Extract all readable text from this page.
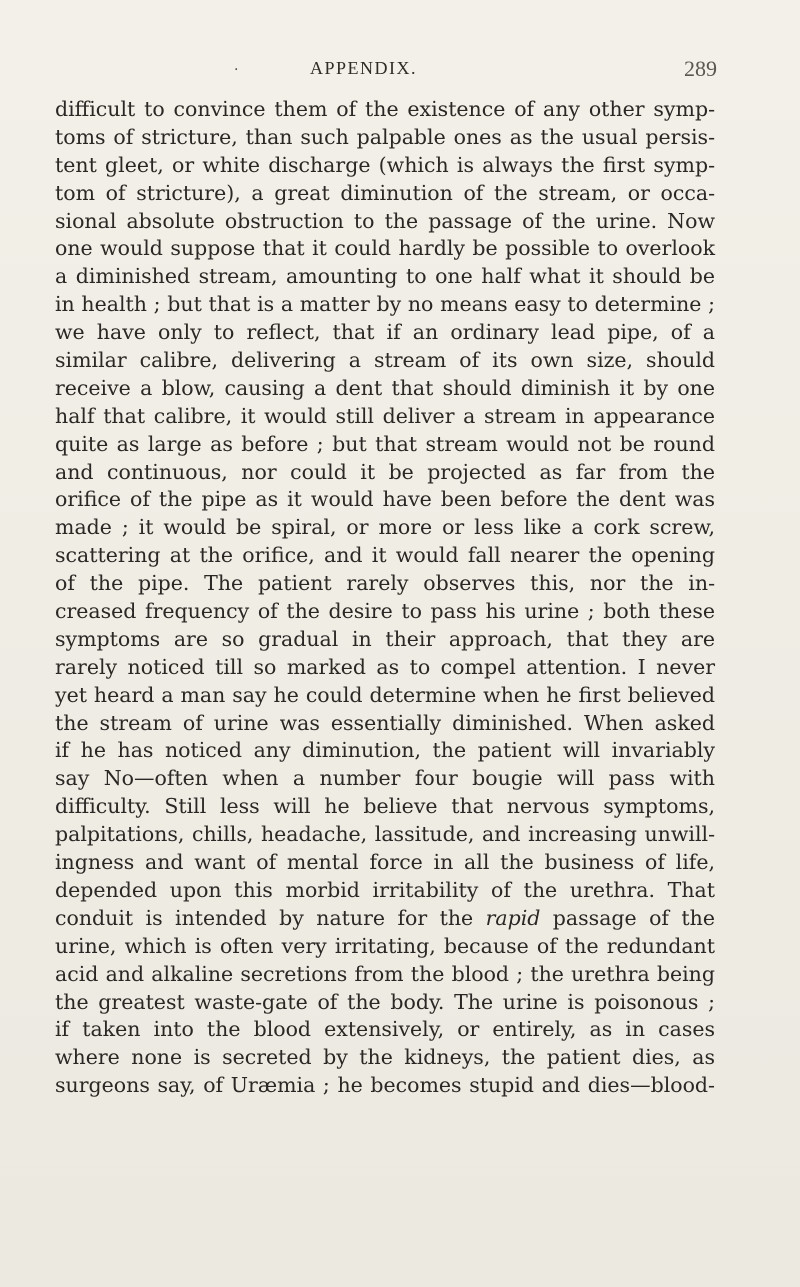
·	APPENDIX.	289
difficult to convince them of the existence of any other symp-
toms of stricture, than such palpable ones as the usual persis-
tent gleet, or white discharge (which is always the first symp-
tom of stricture), a great diminution of the stream, or occa-
sional absolute obstruction to the passage of the urine. Now
one would suppose that it could hardly be possible to overlook
a diminished stream, amounting to one half what it should be
in health ; but that is a matter by no means easy to determine ;
we have only to reflect, that if an ordinary lead pipe, of a
similar calibre, delivering a stream of its own size, should
receive a blow, causing a dent that should diminish it by one
half that calibre, it would still deliver a stream in appearance
quite as large as before ; but that stream would not be round
and continuous, nor could it be projected as far from the
orifice of the pipe as it would have been before the dent was
made ; it would be spiral, or more or less like a cork screw,
scattering at the orifice, and it would fall nearer the opening
of the pipe. The patient rarely observes this, nor the in-
creased frequency of the desire to pass his urine ; both these
symptoms are so gradual in their approach, that they are
rarely noticed till so marked as to compel attention. I never
yet heard a man say he could determine when he first believed
the stream of urine was essentially diminished. When asked
if he has noticed any diminution, the patient will invariably
say No—often when a number four bougie will pass with
difficulty. Still less will he believe that nervous symptoms,
palpitations, chills, headache, lassitude, and increasing unwill-
ingness and want of mental force in all the business of life,
depended upon this morbid irritability of the urethra. That
conduit is intended by nature for the rapid passage of the
urine, which is often very irritating, because of the redundant
acid and alkaline secretions from the blood ; the urethra being
the greatest waste-gate of the body. The urine is poisonous ;
if taken into the blood extensively, or entirely, as in cases
where none is secreted by the kidneys, the patient dies, as
surgeons say, of Uræmia ; he becomes stupid and dies—blood-
